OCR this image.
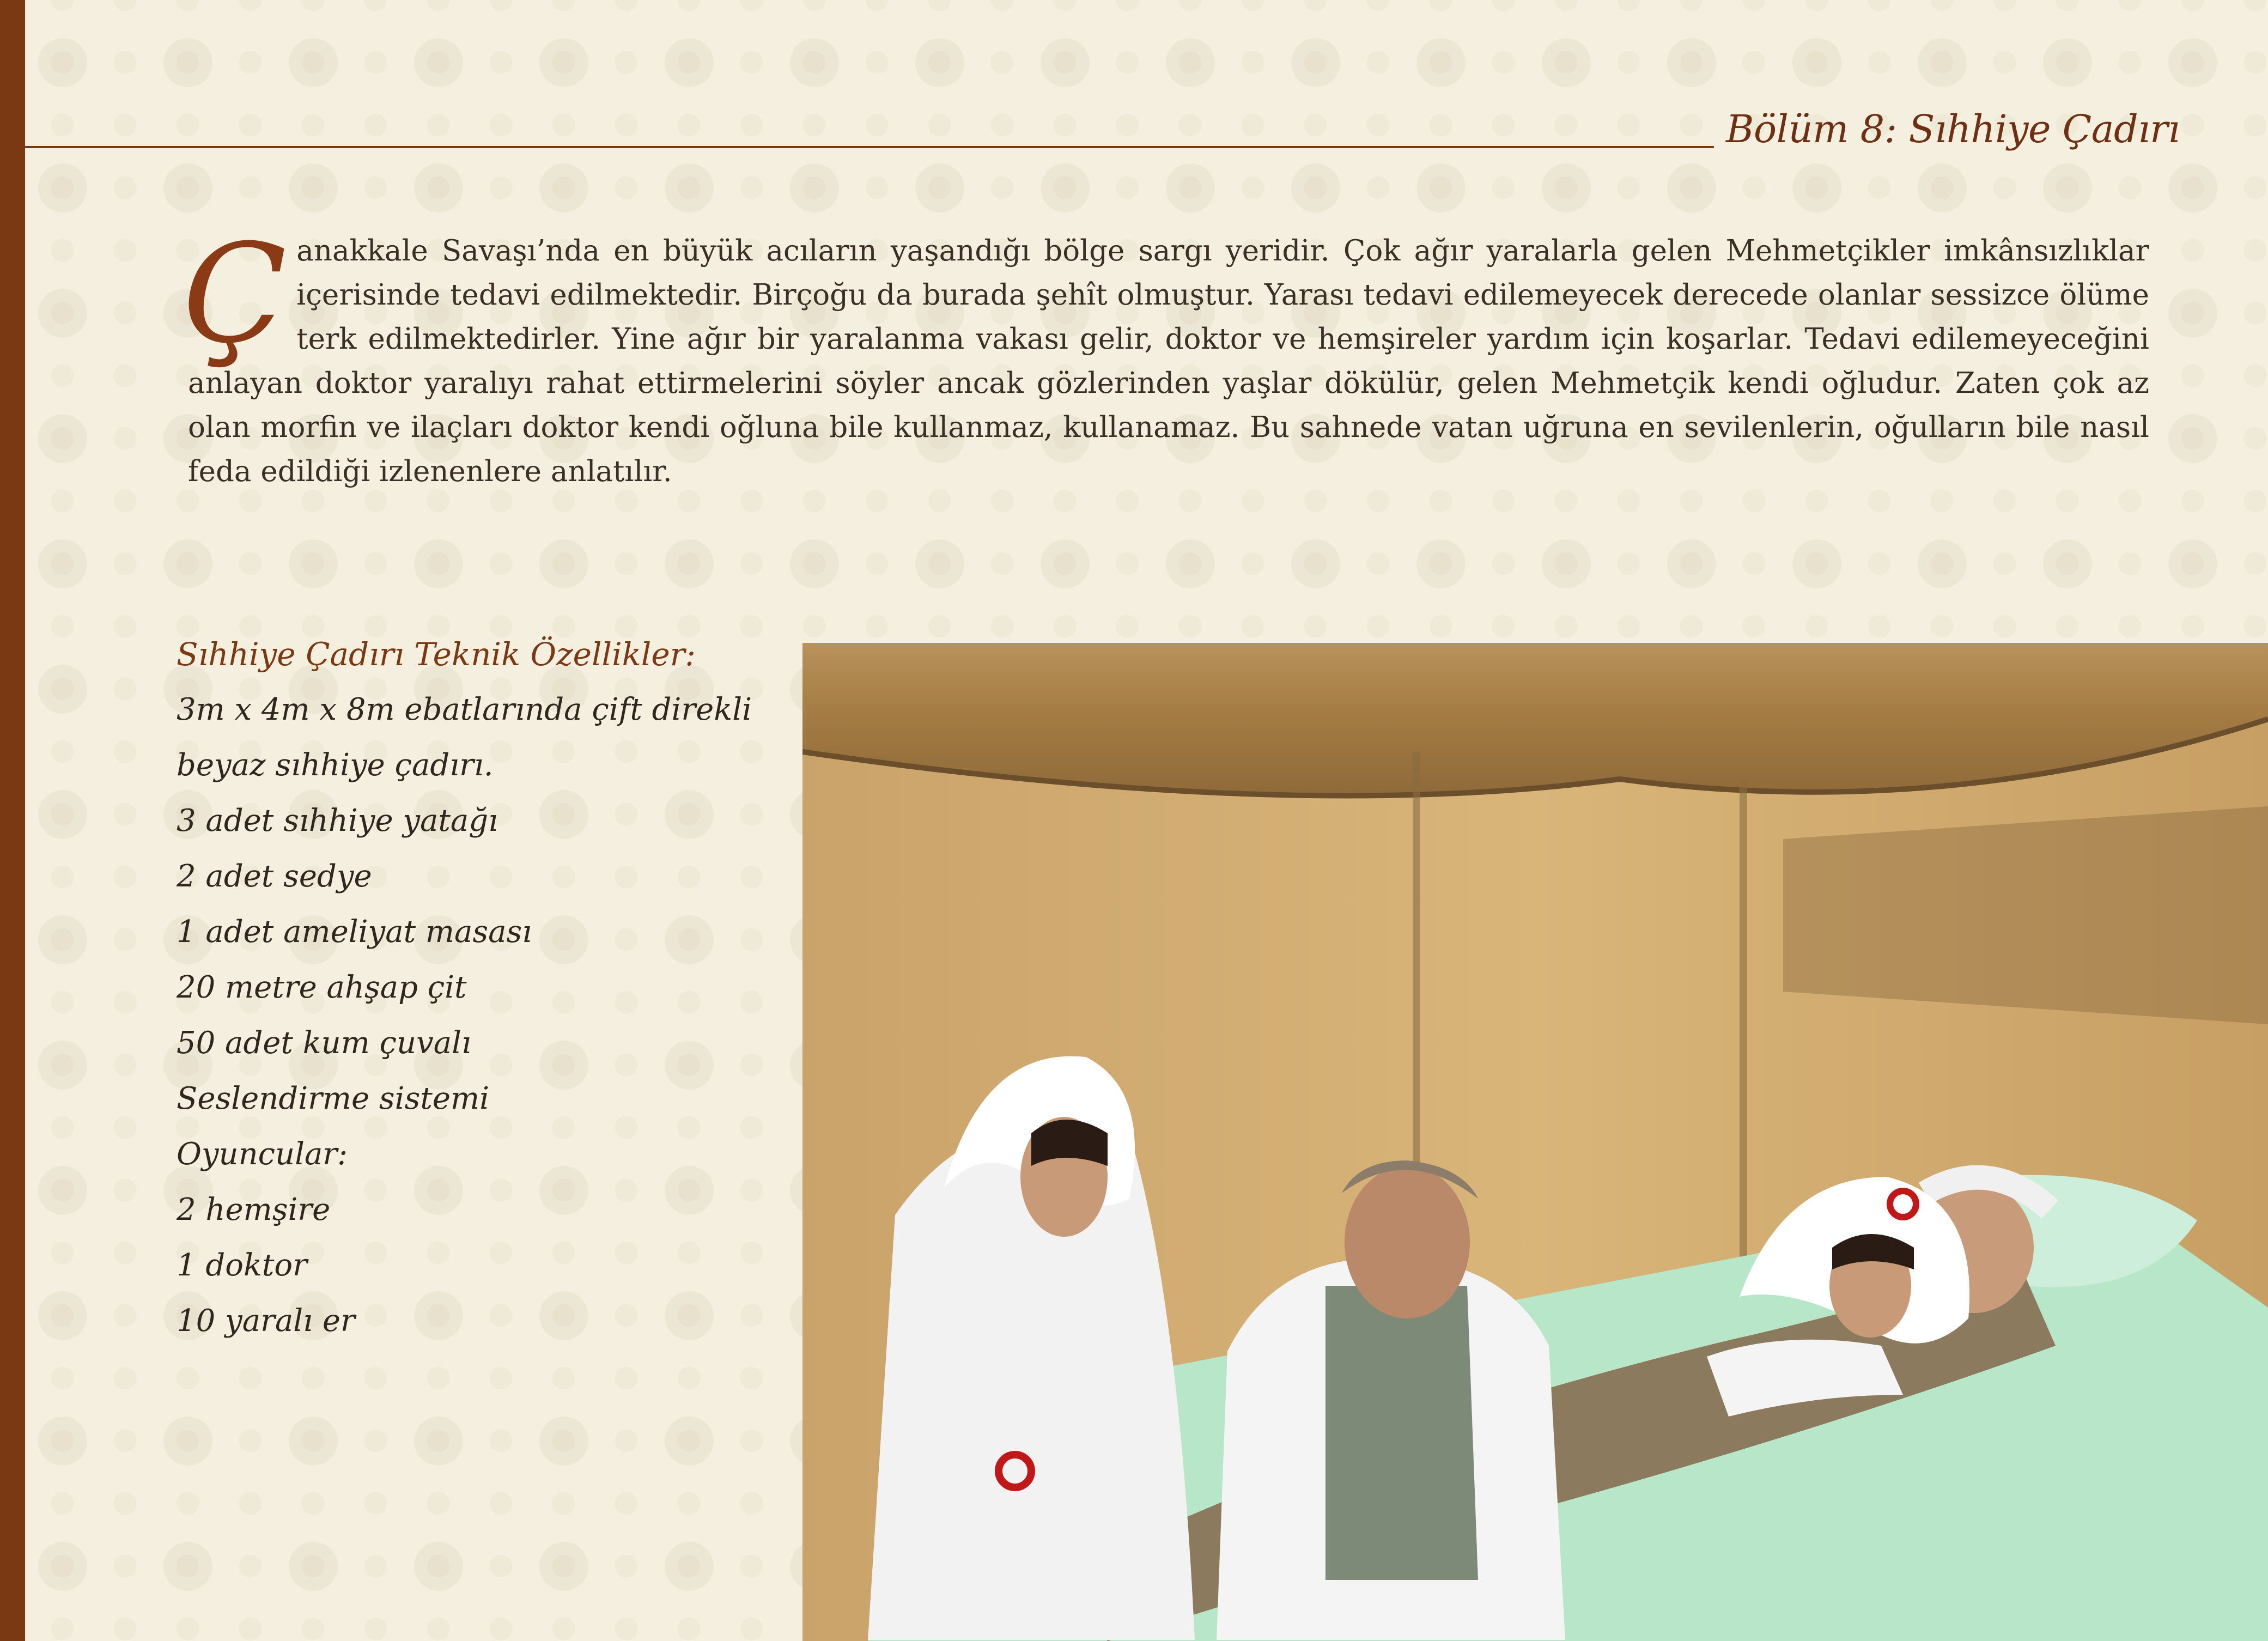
Bölüm 8: Sıhhiye Çadırı
Çanakkale Savaşı’nda en büyük acıların yaşandığı bölge sargı yeridir. Çok ağır yaralarla gelen Mehmetçikler imkânsızlıklar içerisinde tedavi edilmektedir. Birçoğu da burada şehît olmuştur. Yarası tedavi edilemeyecek derecede olanlar sessizce ölüme terk edilmektedirler. Yine ağır bir yaralanma vakası gelir, doktor ve hemşireler yardım için koşarlar. Tedavi edilemeyeceğini anlayan doktor yaralıyı rahat ettirmelerini söyler ancak gözlerinden yaşlar dökülür, gelen Mehmetçik kendi oğludur. Zaten çok az olan morfin ve ilaçları doktor kendi oğluna bile kullanmaz, kullanamaz. Bu sahnede vatan uğruna en sevilenlerin, oğulların bile nasıl feda edildiği izlenenlere anlatılır.

Sıhhiye Çadırı Teknik Özellikler:

3m x 4m x 8m ebatlarında çift direkli
beyaz sıhhiye çadırı.
3 adet sıhhiye yatağı
2 adet sedye
1 adet ameliyat masası
20 metre ahşap çit
50 adet kum çuvalı
Seslendirme sistemi
Oyuncular:
2 hemşire
1 doktor
10 yaralı er
